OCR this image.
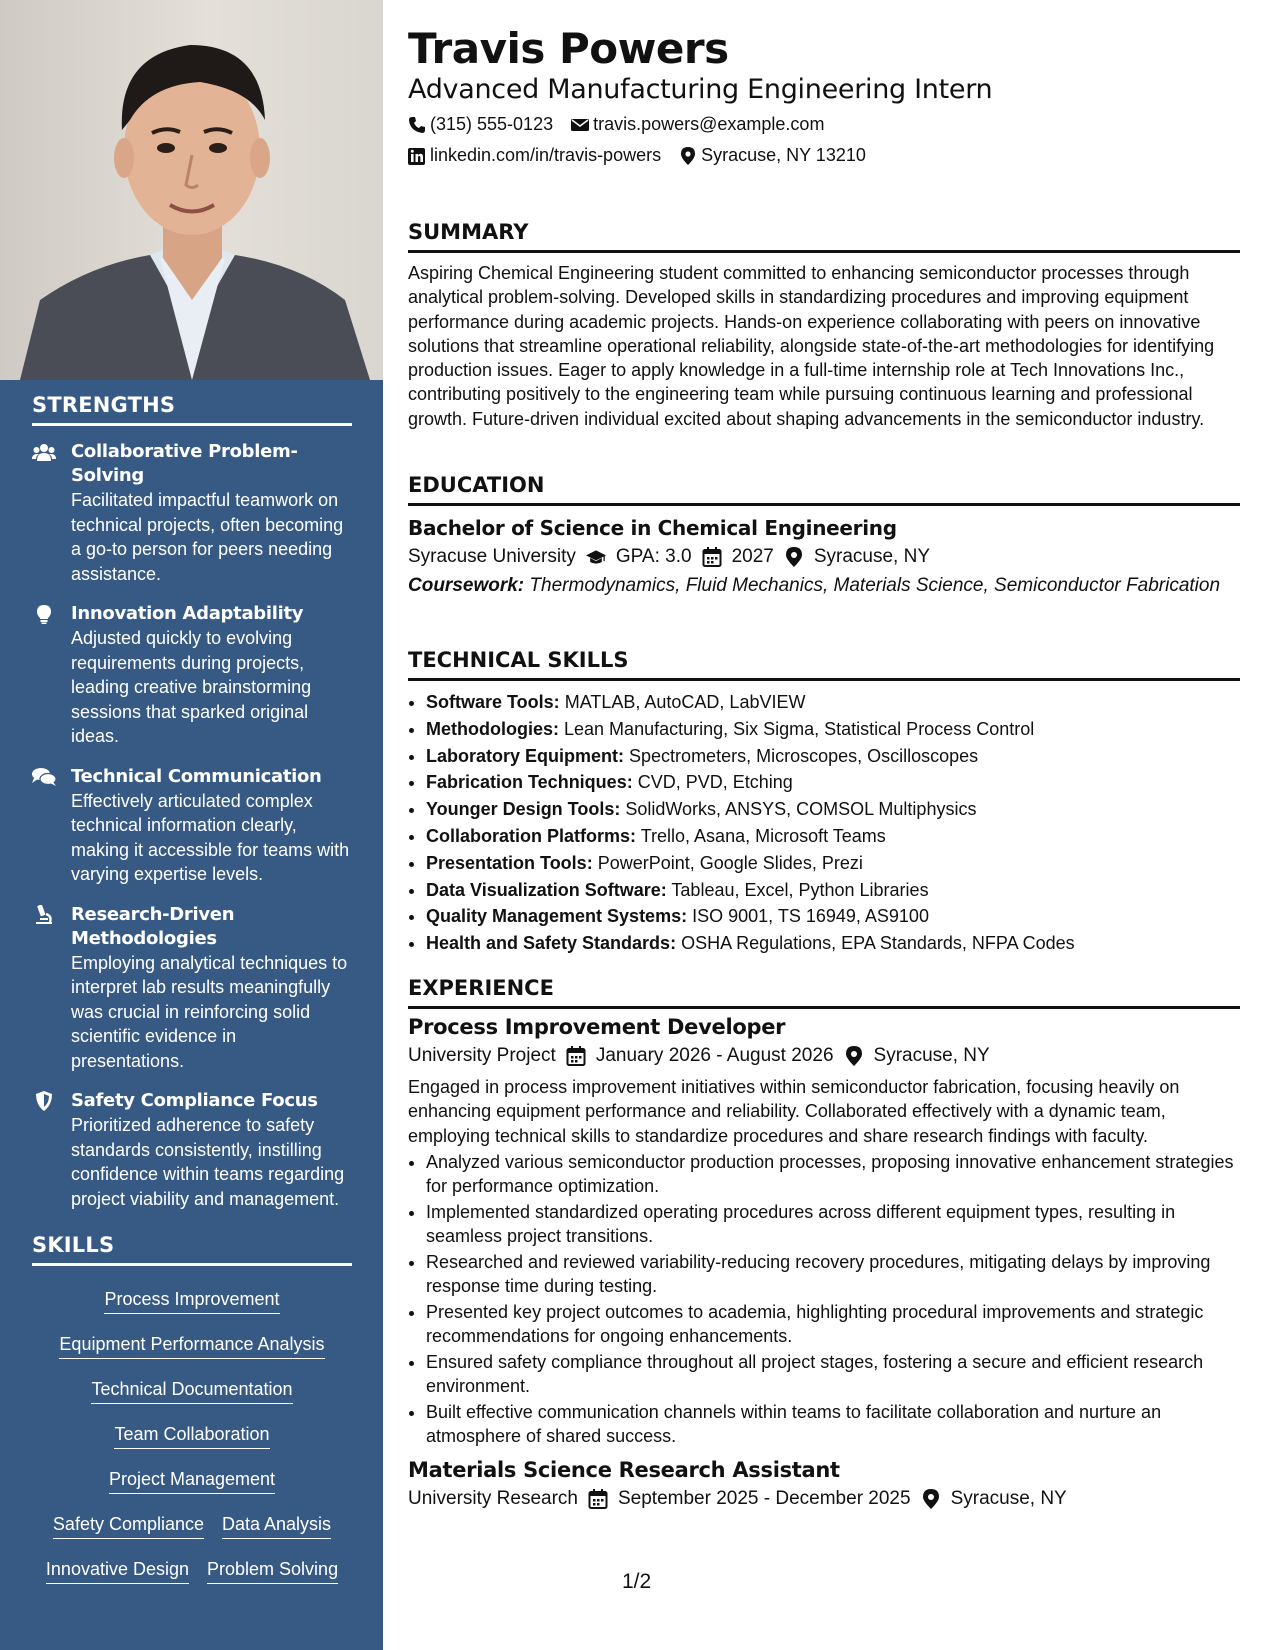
STRENGTHS
Collaborative Problem-Solving
Facilitated impactful teamwork on technical projects, often becoming a go-to person for peers needing assistance.
Innovation Adaptability
Adjusted quickly to evolving requirements during projects, leading creative brainstorming sessions that sparked original ideas.
Technical Communication
Effectively articulated complex technical information clearly, making it accessible for teams with varying expertise levels.
Research-Driven Methodologies
Employing analytical techniques to interpret lab results meaningfully was crucial in reinforcing solid scientific evidence in presentations.
Safety Compliance Focus
Prioritized adherence to safety standards consistently, instilling confidence within teams regarding project viability and management.
SKILLS
Process Improvement
Equipment Performance Analysis
Technical Documentation
Team Collaboration
Project Management
Safety Compliance Data Analysis
Innovative Design Problem Solving
Travis Powers
Advanced Manufacturing Engineering Intern
(315) 555-0123 travis.powers@example.com
linkedin.com/in/travis-powers Syracuse, NY 13210
SUMMARY
Aspiring Chemical Engineering student committed to enhancing semiconductor processes through analytical problem-solving. Developed skills in standardizing procedures and improving equipment performance during academic projects. Hands-on experience collaborating with peers on innovative solutions that streamline operational reliability, alongside state-of-the-art methodologies for identifying production issues. Eager to apply knowledge in a full-time internship role at Tech Innovations Inc., contributing positively to the engineering team while pursuing continuous learning and professional growth. Future-driven individual excited about shaping advancements in the semiconductor industry.
EDUCATION
Bachelor of Science in Chemical Engineering
Syracuse University GPA: 3.0 2027 Syracuse, NY
Coursework: Thermodynamics, Fluid Mechanics, Materials Science, Semiconductor Fabrication
TECHNICAL SKILLS
• Software Tools: MATLAB, AutoCAD, LabVIEW
• Methodologies: Lean Manufacturing, Six Sigma, Statistical Process Control
• Laboratory Equipment: Spectrometers, Microscopes, Oscilloscopes
• Fabrication Techniques: CVD, PVD, Etching
• Younger Design Tools: SolidWorks, ANSYS, COMSOL Multiphysics
• Collaboration Platforms: Trello, Asana, Microsoft Teams
• Presentation Tools: PowerPoint, Google Slides, Prezi
• Data Visualization Software: Tableau, Excel, Python Libraries
• Quality Management Systems: ISO 9001, TS 16949, AS9100
• Health and Safety Standards: OSHA Regulations, EPA Standards, NFPA Codes
EXPERIENCE
Process Improvement Developer
University Project January 2026 - August 2026 Syracuse, NY
Engaged in process improvement initiatives within semiconductor fabrication, focusing heavily on enhancing equipment performance and reliability. Collaborated effectively with a dynamic team, employing technical skills to standardize procedures and share research findings with faculty.
• Analyzed various semiconductor production processes, proposing innovative enhancement strategies for performance optimization.
• Implemented standardized operating procedures across different equipment types, resulting in seamless project transitions.
• Researched and reviewed variability-reducing recovery procedures, mitigating delays by improving response time during testing.
• Presented key project outcomes to academia, highlighting procedural improvements and strategic recommendations for ongoing enhancements.
• Ensured safety compliance throughout all project stages, fostering a secure and efficient research environment.
• Built effective communication channels within teams to facilitate collaboration and nurture an atmosphere of shared success.
Materials Science Research Assistant
University Research September 2025 - December 2025 Syracuse, NY
1/2
